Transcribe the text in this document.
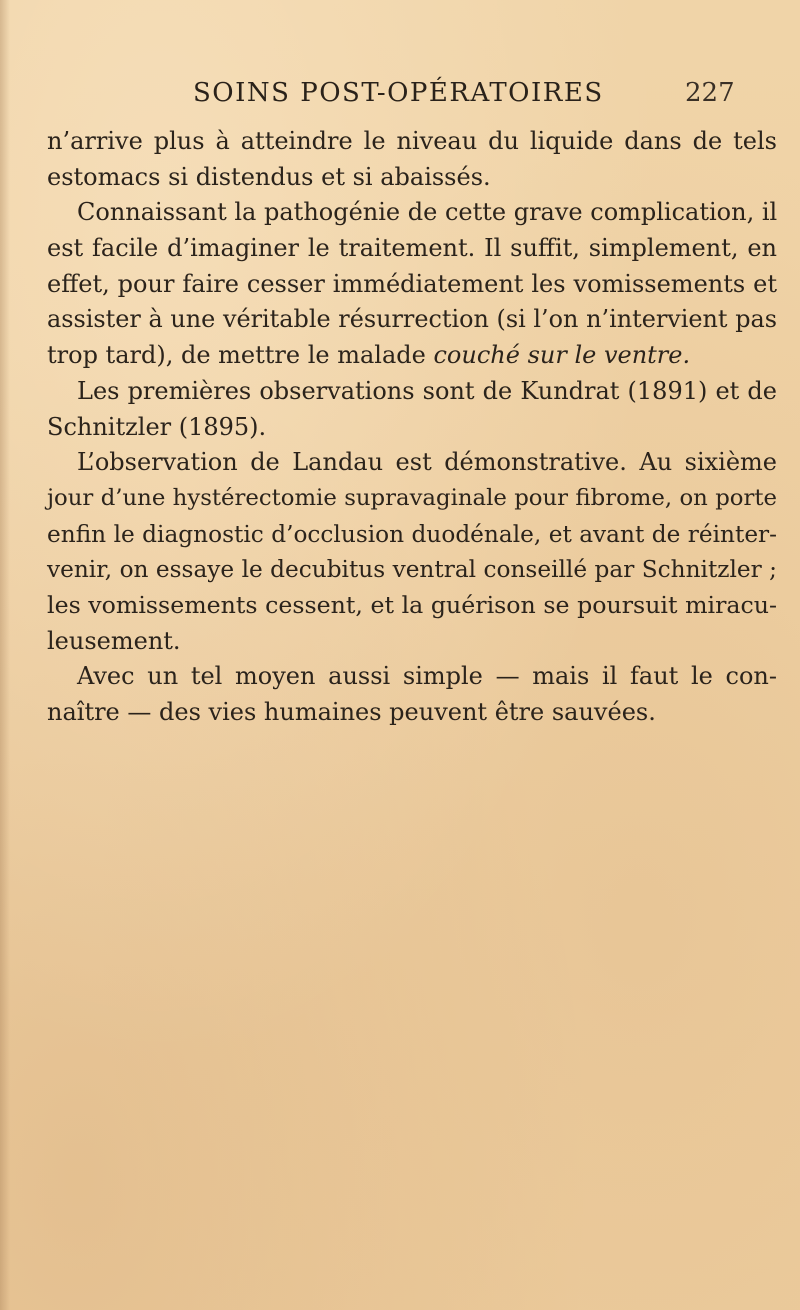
SOINS POST-OPÉRATOIRES	227
n’arrive plus à atteindre le niveau du liquide dans de tels
estomacs si distendus et si abaissés.
Connaissant la pathogénie de cette grave complication, il
est facile d’imaginer le traitement. Il suffit, simplement, en
effet, pour faire cesser immédiatement les vomissements et
assister à une véritable résurrection (si l’on n’intervient pas
trop tard), de mettre le malade couché sur le ventre.
Les premières observations sont de Kundrat (1891) et de
Schnitzler (1895).
L’observation de Landau est démonstrative. Au sixième
jour d’une hystérectomie supravaginale pour fibrome, on porte
enfin le diagnostic d’occlusion duodénale, et avant de réinter-
venir, on essaye le decubitus ventral conseillé par Schnitzler ;
les vomissements cessent, et la guérison se poursuit miracu-
leusement.
Avec un tel moyen aussi simple — mais il faut le con-
naître — des vies humaines peuvent être sauvées.
